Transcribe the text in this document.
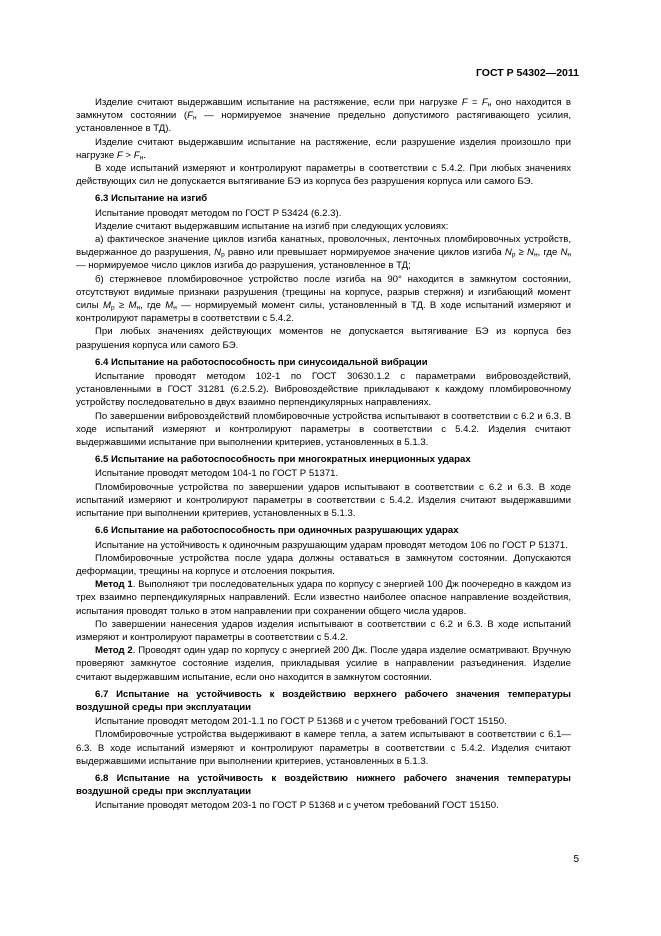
ГОСТ Р 54302—2011

Изделие считают выдержавшим испытание на растяжение, если при нагрузке $F = F_н$ оно находится в замкнутом состоянии ($F_н$ — нормируемое значение предельно допустимого растягивающего усилия, установленное в ТД).

Изделие считают выдержавшим испытание на растяжение, если разрушение изделия произошло при нагрузке $F > F_н$.

В ходе испытаний измеряют и контролируют параметры в соответствии с 5.4.2. При любых значениях действующих сил не допускается вытягивание БЭ из корпуса без разрушения корпуса или самого БЭ.

6.3 Испытание на изгиб

Испытание проводят методом по ГОСТ Р 53424 (6.2.3).

Изделие считают выдержавшим испытание на изгиб при следующих условиях:

а) фактическое значение циклов изгиба канатных, проволочных, ленточных пломбировочных устройств, выдержанное до разрушения, $N_р$ равно или превышает нормируемое значение циклов изгиба $N_р \ge N_н$, где $N_н$ — нормируемое число циклов изгиба до разрушения, установленное в ТД;

б) стержневое пломбировочное устройство после изгиба на 90° находится в замкнутом состоянии, отсутствуют видимые признаки разрушения (трещины на корпусе, разрыв стержня) и изгибающий момент силы $M_р \ge M_н$, где $M_н$ — нормируемый момент силы, установленный в ТД. В ходе испытаний измеряют и контролируют параметры в соответствии с 5.4.2.

При любых значениях действующих моментов не допускается вытягивание БЭ из корпуса без разрушения корпуса или самого БЭ.

6.4 Испытание на работоспособность при синусоидальной вибрации

Испытание проводят методом 102-1 по ГОСТ 30630.1.2 с параметрами вибровоздействий, установленными в ГОСТ 31281 (6.2.5.2). Вибровоздействие прикладывают к каждому пломбировочному устройству последовательно в двух взаимно перпендикулярных направлениях.

По завершении вибровоздействий пломбировочные устройства испытывают в соответствии с 6.2 и 6.3. В ходе испытаний измеряют и контролируют параметры в соответствии с 5.4.2. Изделия считают выдержавшими испытание при выполнении критериев, установленных в 5.1.3.

6.5 Испытание на работоспособность при многократных инерционных ударах

Испытание проводят методом 104-1 по ГОСТ Р 51371.

Пломбировочные устройства по завершении ударов испытывают в соответствии с 6.2 и 6.3. В ходе испытаний измеряют и контролируют параметры в соответствии с 5.4.2. Изделия считают выдержавшими испытание при выполнении критериев, установленных в 5.1.3.

6.6 Испытание на работоспособность при одиночных разрушающих ударах

Испытание на устойчивость к одиночным разрушающим ударам проводят методом 106 по ГОСТ Р 51371.

Пломбировочные устройства после удара должны оставаться в замкнутом состоянии. Допускаются деформации, трещины на корпусе и отслоения покрытия.

Метод 1. Выполняют три последовательных удара по корпусу с энергией 100 Дж поочередно в каждом из трех взаимно перпендикулярных направлений. Если известно наиболее опасное направление воздействия, испытания проводят только в этом направлении при сохранении общего числа ударов.

По завершении нанесения ударов изделия испытывают в соответствии с 6.2 и 6.3. В ходе испытаний измеряют и контролируют параметры в соответствии с 5.4.2.

Метод 2. Проводят один удар по корпусу с энергией 200 Дж. После удара изделие осматривают. Вручную проверяют замкнутое состояние изделия, прикладывая усилие в направлении разъединения. Изделие считают выдержавшим испытание, если оно находится в замкнутом состоянии.

6.7 Испытание на устойчивость к воздействию верхнего рабочего значения температуры воздушной среды при эксплуатации

Испытание проводят методом 201-1.1 по ГОСТ Р 51368 и с учетом требований ГОСТ 15150.

Пломбировочные устройства выдерживают в камере тепла, а затем испытывают в соответствии с 6.1—6.3. В ходе испытаний измеряют и контролируют параметры в соответствии с 5.4.2. Изделия считают выдержавшими испытание при выполнении критериев, установленных в 5.1.3.

6.8 Испытание на устойчивость к воздействию нижнего рабочего значения температуры воздушной среды при эксплуатации

Испытание проводят методом 203-1 по ГОСТ Р 51368 и с учетом требований ГОСТ 15150.

5
